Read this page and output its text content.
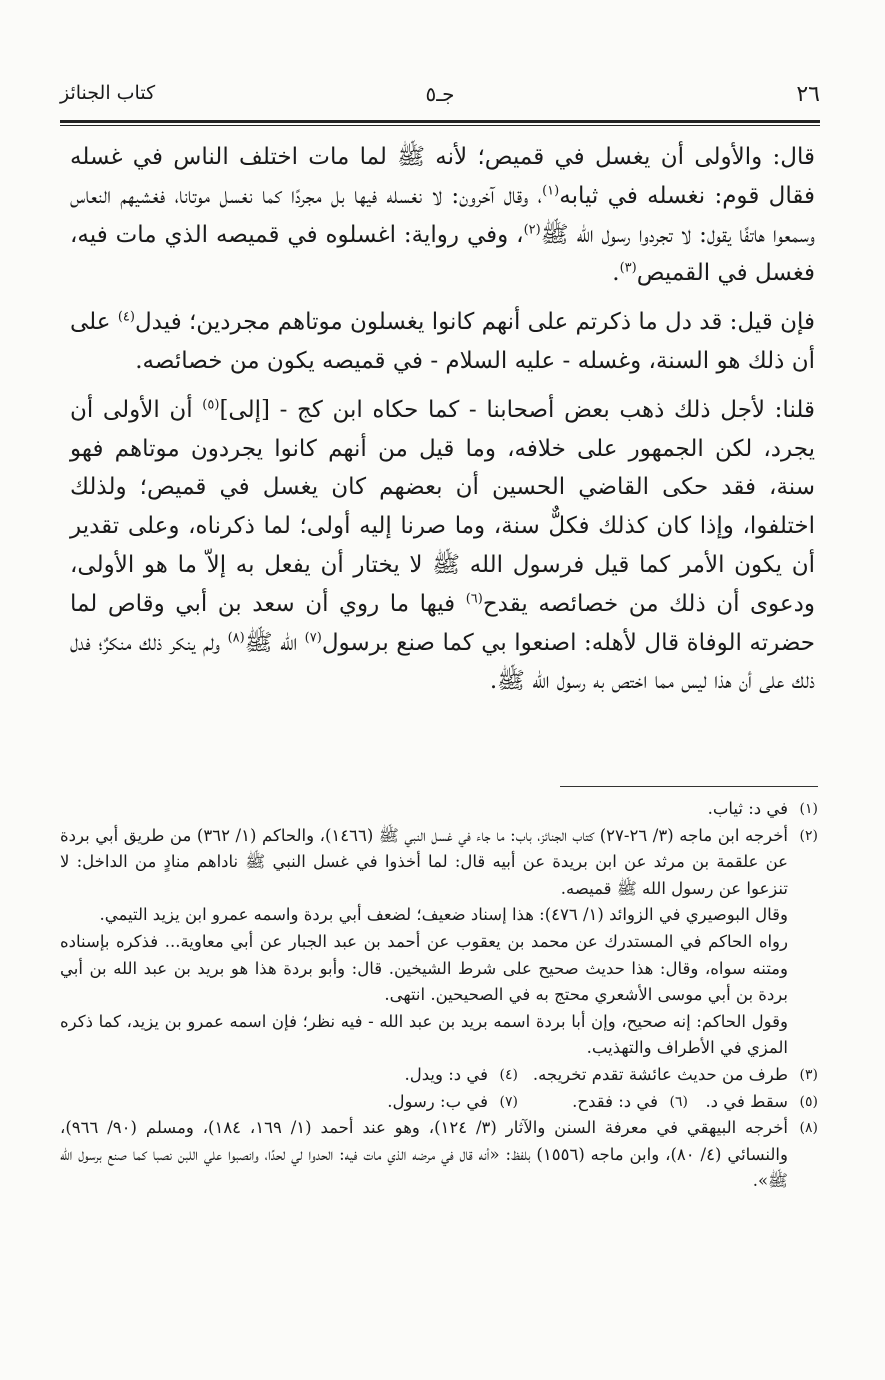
٢٦
جـ٥
كتاب الجنائز

قال: والأولى أن يغسل في قميص؛ لأنه ﷺ لما مات اختلف الناس في غسله فقال قوم: نغسله في ثيابه$^{(١)}$، وقال آخرون: لا نغسله فيها بل مجردًا كما نغسل موتانا، فغشيهم النعاس وسمعوا هاتفًا يقول: لا تجردوا رسول الله ﷺ$^{(٢)}$، وفي رواية: اغسلوه في قميصه الذي مات فيه، فغسل في القميص$^{(٣)}$.

فإن قيل: قد دل ما ذكرتم على أنهم كانوا يغسلون موتاهم مجردين؛ فيدل$^{(٤)}$ على أن ذلك هو السنة، وغسله - عليه السلام - في قميصه يكون من خصائصه.

قلنا: لأجل ذلك ذهب بعض أصحابنا - كما حكاه ابن كج - [إلى]$^{(٥)}$ أن الأولى أن يجرد، لكن الجمهور على خلافه، وما قيل من أنهم كانوا يجردون موتاهم فهو سنة، فقد حكى القاضي الحسين أن بعضهم كان يغسل في قميص؛ ولذلك اختلفوا، وإذا كان كذلك فكلٌّ سنة، وما صرنا إليه أولى؛ لما ذكرناه، وعلى تقدير أن يكون الأمر كما قيل فرسول الله ﷺ لا يختار أن يفعل به إلاّ ما هو الأولى، ودعوى أن ذلك من خصائصه يقدح$^{(٦)}$ فيها ما روي أن سعد بن أبي وقاص لما حضرته الوفاة قال لأهله: اصنعوا بي كما صنع برسول$^{(٧)}$ الله ﷺ$^{(٨)}$ ولم ينكر ذلك منكرٌ؛ فدل ذلك على أن هذا ليس مما اختص به رسول الله ﷺ.

(١)
في د: ثياب.
(٢)
أخرجه ابن ماجه (٣/ ٢٦-٢٧) كتاب الجنائز، باب: ما جاء في غسل النبي ﷺ (١٤٦٦)، والحاكم (١/ ٣٦٢) من طريق أبي بردة عن علقمة بن مرثد عن ابن بريدة عن أبيه قال: لما أخذوا في غسل النبي ﷺ ناداهم منادٍ من الداخل: لا تنزعوا عن رسول الله ﷺ قميصه.
وقال البوصيري في الزوائد (١/ ٤٧٦): هذا إسناد ضعيف؛ لضعف أبي بردة واسمه عمرو ابن يزيد التيمي.
رواه الحاكم في المستدرك عن محمد بن يعقوب عن أحمد بن عبد الجبار عن أبي معاوية... فذكره بإسناده ومتنه سواه، وقال: هذا حديث صحيح على شرط الشيخين. قال: وأبو بردة هذا هو بريد بن عبد الله بن أبي بردة بن أبي موسى الأشعري محتج به في الصحيحين. انتهى.
وقول الحاكم: إنه صحيح، وإن أبا بردة اسمه بريد بن عبد الله - فيه نظر؛ فإن اسمه عمرو بن يزيد، كما ذكره المزي في الأطراف والتهذيب.
(٣)
طرف من حديث عائشة تقدم تخريجه.
(٤)
في د: ويدل.
(٥)
سقط في د.
(٦)
في د: فقدح.
(٧)
في ب: رسول.
(٨)
أخرجه البيهقي في معرفة السنن والآثار (٣/ ١٢٤)، وهو عند أحمد (١/ ١٦٩، ١٨٤)، ومسلم (٩٠/ ٩٦٦)، والنسائي (٤/ ٨٠)، وابن ماجه (١٥٥٦) بلفظ: «أنه قال في مرضه الذي مات فيه: الحدوا لي لحدًا، وانصبوا علي اللبن نصبا كما صنع برسول الله ﷺ».
